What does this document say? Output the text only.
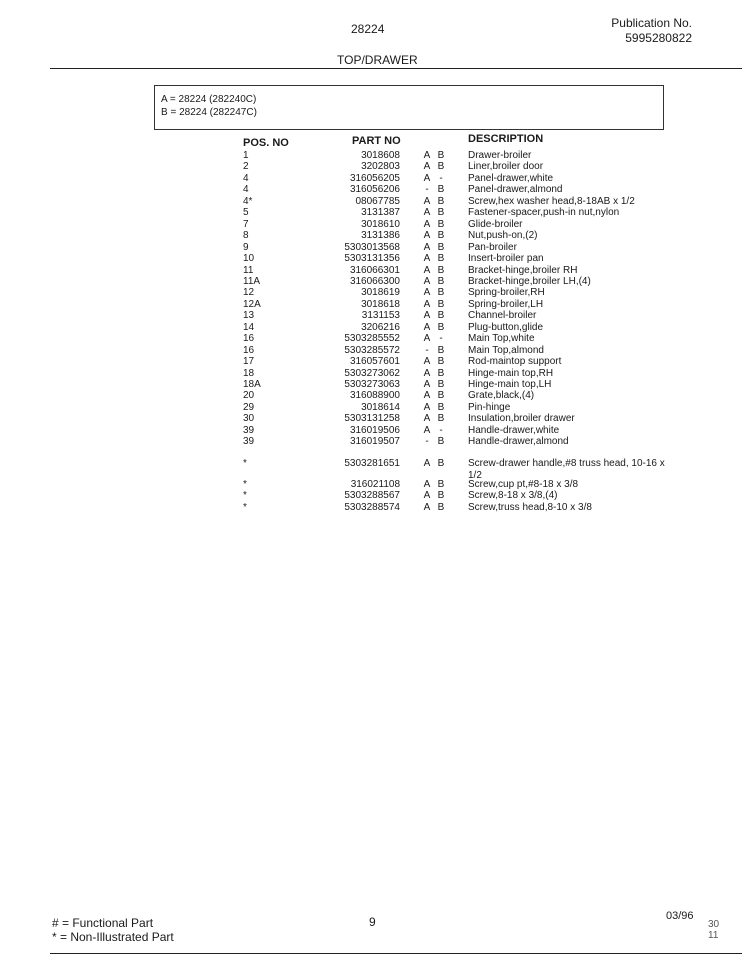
28224	Publication No.
5995280822
TOP/DRAWER
A = 28224 (282240C)
B = 28224 (282247C)
POS. NO	PART NO	DESCRIPTION
1	3018608 A B Drawer-broiler
2	3202803 A B Liner,broiler door
4	316056205 A -	Panel-drawer,white
4	316056206	- B Panel-drawer,almond
4*	08067785 A B Screw,hex washer head,8-18AB x 1/2
5	3131387 A B Fastener-spacer,push-in nut,nylon
7	3018610 A B Glide-broiler
8	3131386 A B Nut,push-on,(2)
9	5303013568 A B Pan-broiler
10	5303131356 A B Insert-broiler pan
11	316066301 A B Bracket-hinge,broiler RH
11A	316066300 A B Bracket-hinge,broiler LH,(4)
12	3018619 A B Spring-broiler,RH
12A	3018618 A B Spring-broiler,LH
13	3131153 A B Channel-broiler
14	3206216 A B Plug-button,glide
16	5303285552 A -	Main Top,white
16	5303285572	- B Main Top,almond
17	316057601 A B Rod-maintop support
18	5303273062 A B Hinge-main top,RH
18A	5303273063 A B Hinge-main top,LH
20	316088900 A B Grate,black,(4)
29	3018614 A B Pin-hinge
30	5303131258 A B Insulation,broiler drawer
39	316019506 A -	Handle-drawer,white
39	316019507	- B Handle-drawer,almond
*	5303281651 A B Screw-drawer handle,#8 truss head, 10-16 x 1/2
*	316021108 A B Screw,cup pt,#8-18 x 3/8
*	5303288567 A B Screw,8-18 x 3/8,(4)
*	5303288574 A B Screw,truss head,8-10 x 3/8
# = Functional Part
* = Non-Illustrated Part
9	03/96
30
11
